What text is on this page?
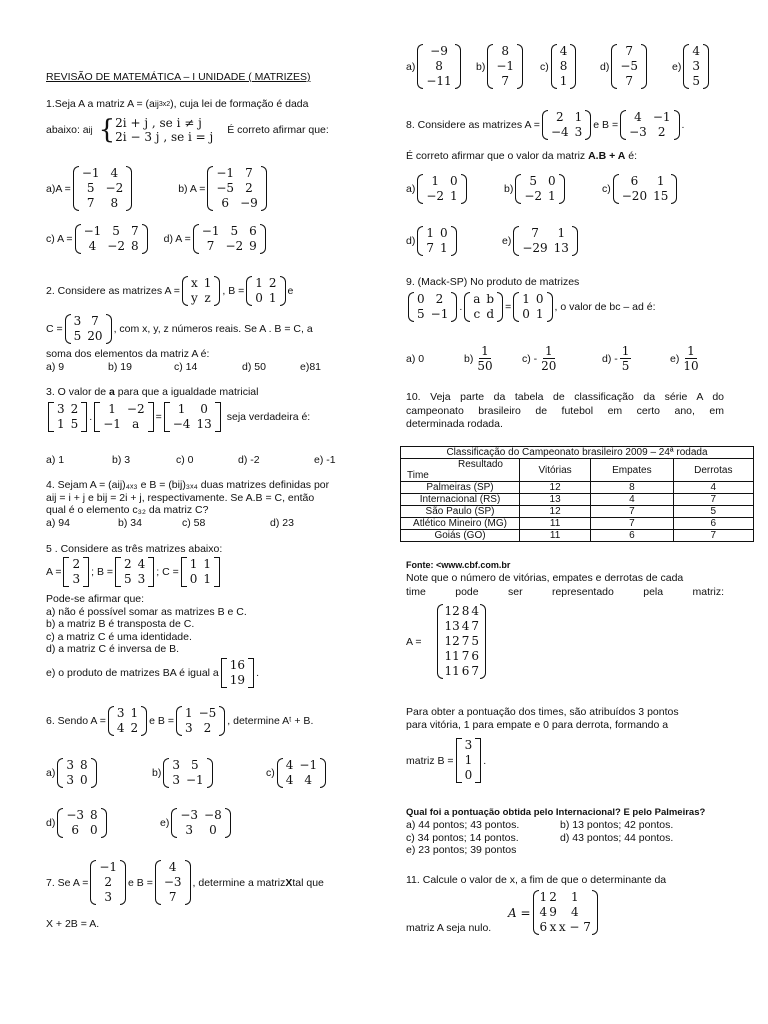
REVISÃO DE MATEMÁTICA – I UNIDADE ( MATRIZES)
1.Seja A a matriz A = (a ij 3x2 ), cuja lei de formação é dada
abaixo: a ij { 2i + j , se i ≠ j
2i − 3 j , se i = j É correto afirmar que:
a)A =
−1	4
5	−2
7	8
b) A =
−1	7
−5	2
6	−9
c) A =
−1	5	7
4	−2	8 d) A =
−1	5	6
7	−2	9
2. Considere as matrizes A =
x	1
y	z , B =
1	2
0	1 e
C =
3	7
5	20 , com x, y, z números reais. Se A . B = C, a
soma dos elementos da matriz A é:
a) 9	b) 19	c) 14	d) 50	e)81
3. O valor de a para que a igualdade matricial
3	2
1	5 .
1	−2
−1	a =
1	0
−4	13 seja verdadeira é:
a) 1	b) 3	c) 0	d) -2	e) -1
4. Sejam A = (aij)₄ₓ₃ e B = (bij)₃ₓ₄ duas matrizes definidas por
aij = i + j e bij = 2i + j, respectivamente. Se A.B = C, então
qual é o elemento c₃₂ da matriz C?
a) 94	b) 34	c) 58	d) 23
5 . Considere as três matrizes abaixo:
A =
2
3 ; B =
2	4
5	3 ; C =
1	1
0	1
Pode-se afirmar que:
a) não é possível somar as matrizes B e C.
b) a matriz B é transposta de C.
c) a matriz C é uma identidade.
d) a matriz C é inversa de B.
e) o produto de matrizes BA é igual a
16
19 .
6. Sendo A =
3	1
4	2 e B =
1	−5
3	2 , determine Aᵗ + B.
a)
3	8
3	0	b)
3	5
3	−1	c)
4	−1
4	4
d)
−3	8
6	0	e)
−3	−8
3	0
7. Se A =
−1
2
3
e B =
4
−3
7
, determine a matriz X tal que
X + 2B = A.
a)
−9
8
−11
b)
8
−1
7
c)
4
8
1
d)
7
−5
7
e)
4
3
5
8. Considere as matrizes A =
2	1
−4	3 e B =
4	−1
−3	2 .
É correto afirmar que o valor da matriz A.B + A é:
a)
1	0
−2	1	b)
5	0
−2	1	c)
6	1
−20	15
d)
1	0
7	1	e)
7	1
−29	13
9. (Mack-SP) No produto de matrizes
0	2
5	−1 .
a	b
c	d =
1	0
0	1 , o valor de bc – ad é:
a) 0	$b) \frac{1}{50}$	$c) - \frac{1}{20}$	$d) - \frac{1}{5}$	$e) \frac{1}{10}$
10. Veja parte da tabela de classificação da série A do
campeonato brasileiro de futebol em certo ano, em
determinada rodada.
Classificação do Campeonato brasileiro 2009 – 24ª rodada			

Resultado
Time	Vitórias	Empates	Derrotas
Palmeiras (SP)	12	8	4
Internacional (RS)	13	4	7
São Paulo (SP)	12	7	5
Atlético Mineiro (MG)	11	7	6
Goiás (GO)	11	6	7
Fonte: <www.cbf.com.br
Note que o número de vitórias, empates e derrotas de cada
time pode ser representado pela matriz:
A =
12	8	4
13	4	7
12	7	5
11	7	6
11	6	7
Para obter a pontuação dos times, são atribuídos 3 pontos
para vitória, 1 para empate e 0 para derrota, formando a
matriz B =
3
1
0
.
Qual foi a pontuação obtida pelo Internacional? E pelo Palmeiras?
a) 44 pontos; 43 pontos.	b) 13 pontos; 42 pontos.
c) 34 pontos; 14 pontos.	d) 43 pontos; 44 pontos.
e) 23 pontos; 39 pontos
11. Calcule o valor de x, a fim de que o determinante da
A =
1	2	1
4	9	4
6	x	x − 7
matriz A seja nulo.
